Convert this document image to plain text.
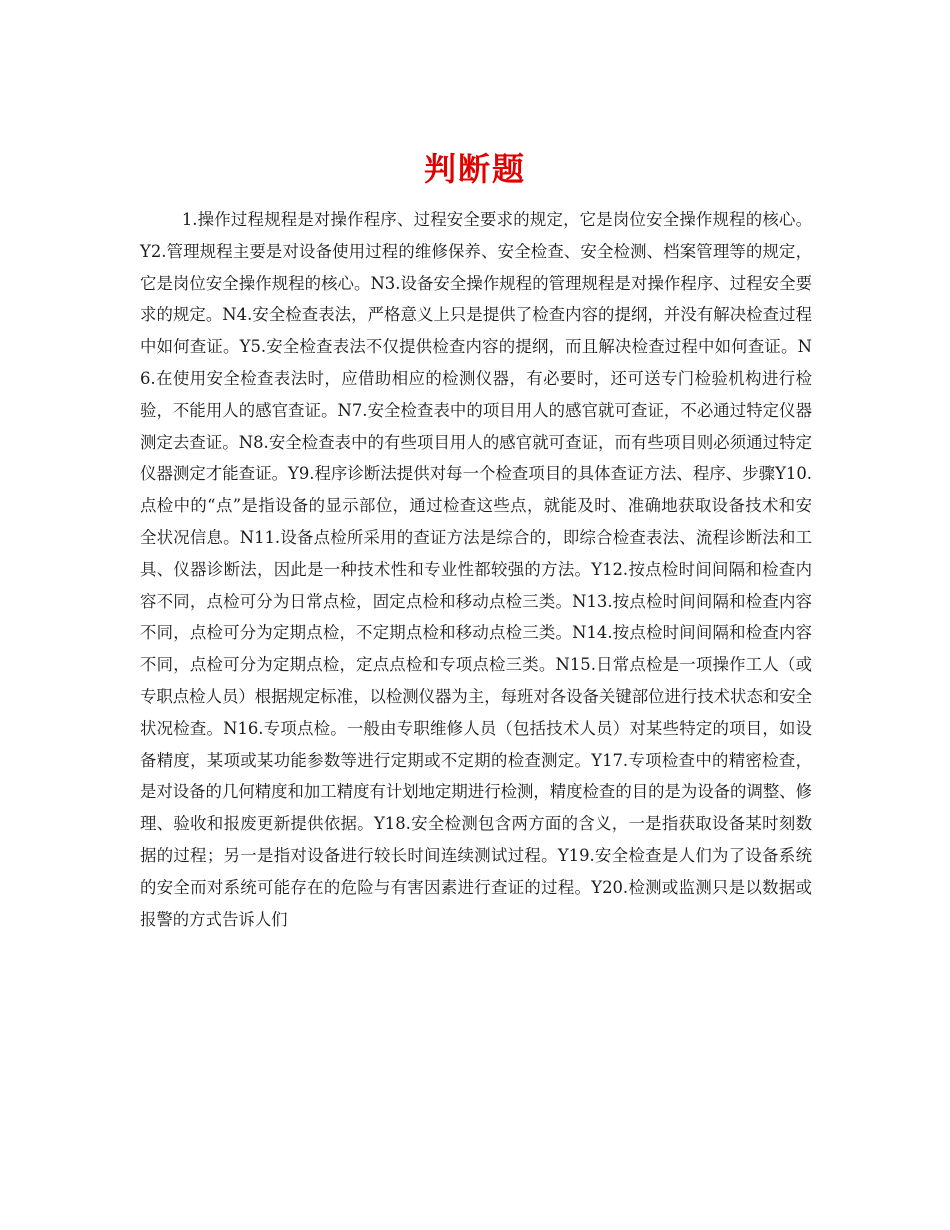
判断题

1.操作过程规程是对操作程序、过程安全要求的规定，它是岗位安全操作规程的核心。Y2.管理规程主要是对设备使用过程的维修保养、安全检查、安全检测、档案管理等的规定，它是岗位安全操作规程的核心。N3.设备安全操作规程的管理规程是对操作程序、过程安全要求的规定。N4.安全检查表法，严格意义上只是提供了检查内容的提纲，并没有解决检查过程中如何查证。Y5.安全检查表法不仅提供检查内容的提纲，而且解决检查过程中如何查证。N6.在使用安全检查表法时，应借助相应的检测仪器，有必要时，还可送专门检验机构进行检验，不能用人的感官查证。N7.安全检查表中的项目用人的感官就可查证，不必通过特定仪器测定去查证。N8.安全检查表中的有些项目用人的感官就可查证，而有些项目则必须通过特定仪器测定才能查证。Y9.程序诊断法提供对每一个检查项目的具体查证方法、程序、步骤Y10.点检中的“点”是指设备的显示部位，通过检查这些点，就能及时、准确地获取设备技术和安全状况信息。N11.设备点检所采用的查证方法是综合的，即综合检查表法、流程诊断法和工具、仪器诊断法，因此是一种技术性和专业性都较强的方法。Y12.按点检时间间隔和检查内容不同，点检可分为日常点检，固定点检和移动点检三类。N13.按点检时间间隔和检查内容不同，点检可分为定期点检，不定期点检和移动点检三类。N14.按点检时间间隔和检查内容不同，点检可分为定期点检，定点点检和专项点检三类。N15.日常点检是一项操作工人（或专职点检人员）根据规定标准，以检测仪器为主，每班对各设备关键部位进行技术状态和安全状况检查。N16.专项点检。一般由专职维修人员（包括技术人员）对某些特定的项目，如设备精度，某项或某功能参数等进行定期或不定期的检查测定。Y17.专项检查中的精密检查，是对设备的几何精度和加工精度有计划地定期进行检测，精度检查的目的是为设备的调整、修理、验收和报废更新提供依据。Y18.安全检测包含两方面的含义，一是指获取设备某时刻数据的过程；另一是指对设备进行较长时间连续测试过程。Y19.安全检查是人们为了设备系统的安全而对系统可能存在的危险与有害因素进行查证的过程。Y20.检测或监测只是以数据或报警的方式告诉人们
